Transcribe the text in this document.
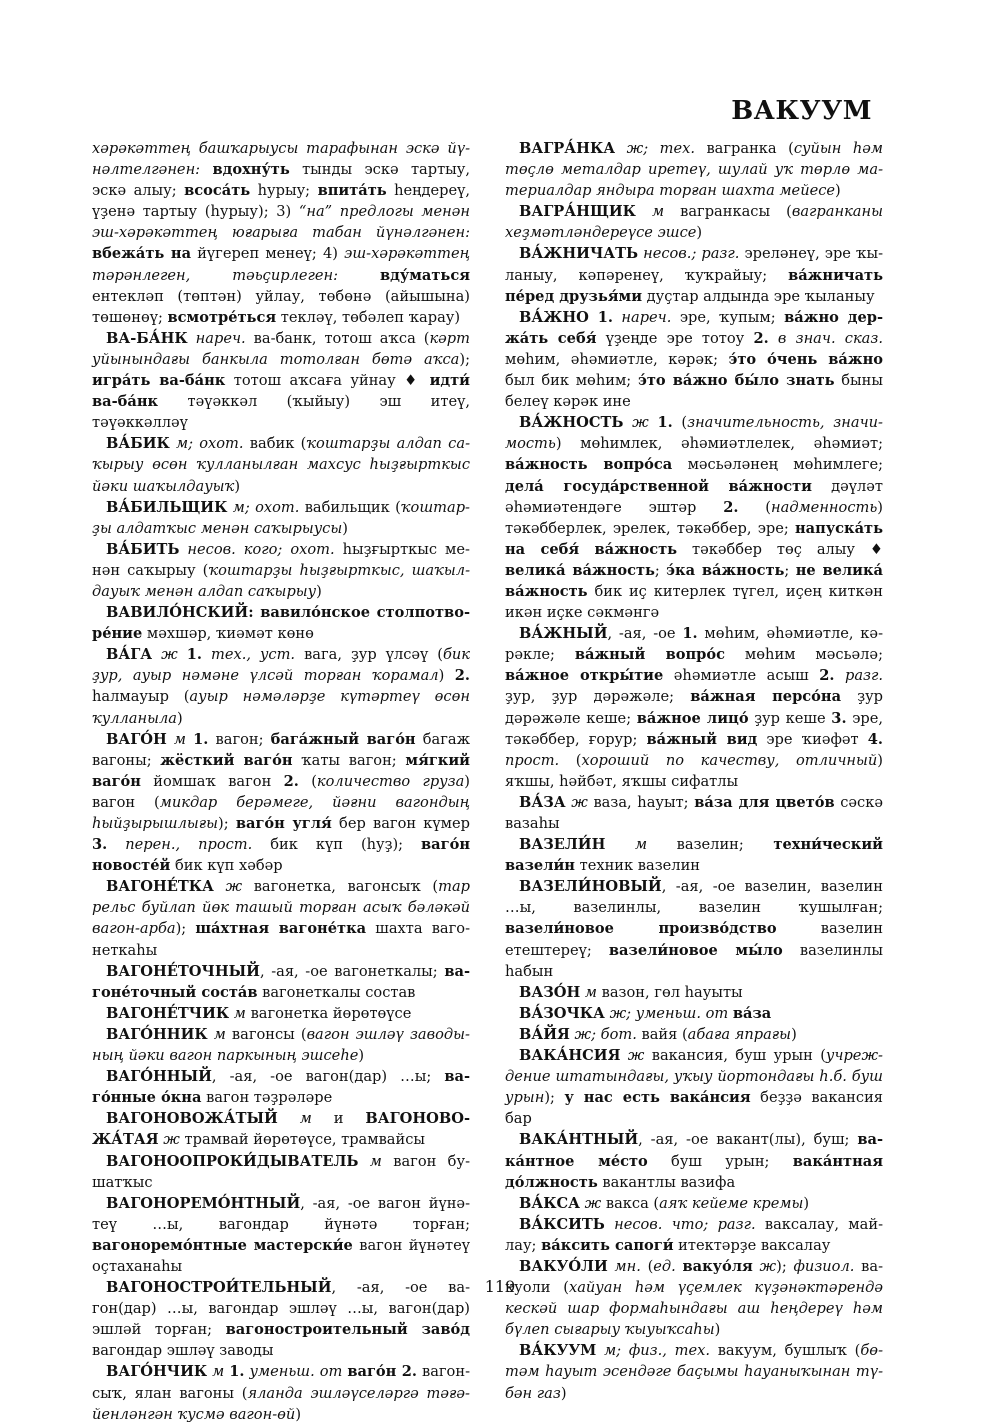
ВАКУУМ

хәрәкәттең башҡарыусы тарафынан эскә йүнәлтелгәнен: вдохну́ть тынды эскә тартыу, эскә алыу; всоса́ть һурыу; впита́ть һеңдереү, үҙенә тартыу (һурыу); 3) “на” предлогы менән эш-хәрәкәттең юғарыға табан йүнәлгәнен: вбежа́ть на йүгереп менеү; 4) эш-хәрәкәттең тәрәнлеген, тәьҫирлеген: вду́маться ентекләп (төптән) уйлау, төбөнә (айышына) төшөнөү; всмотре́ться текләү, төбәлеп ҡарау)

ВА-БА́НК нареч. ва-банк, тотош аҡса (кәрт уйынындағы банкыла тотолған бөтә аҡса); игра́ть ва-ба́нк тотош аҡсаға уйнау ♦ идти́ ва-ба́нк тәүәккәл (ҡыйыу) эш итеү, тәүәккәлләү

ВА́БИК м; охот. вабик (ҡоштарҙы алдап саҡырыу өсөн ҡулланылған махсус һыҙғырткыс йәки шаҡылдауыҡ)

ВА́БИЛЬЩИК м; охот. вабильщик (ҡоштарҙы алдатҡыс менән саҡырыусы)

ВА́БИТЬ несов. кого; охот. һыҙғырткыс менән саҡырыу (ҡоштарҙы һыҙғырткыс, шаҡылдауыҡ менән алдап саҡырыу)

ВАВИЛО́НСКИЙ: вавило́нское столпотворе́ние мәхшәр, ҡиәмәт көнө

ВА́ГА ж 1. тех., уст. вага, ҙур үлсәү (бик ҙур, ауыр нәмәне үлсәй торған ҡорамал) 2. һалмауыр (ауыр нәмәләрҙе күтәртеү өсөн ҡулланыла)

ВАГО́Н м 1. вагон; бага́жный ваго́н багаж вагоны; жёсткий ваго́н ҡаты вагон; мя́гкий ваго́н йомшаҡ вагон 2. (количество груза) вагон (микдар берәмеге, йәғни вагондың һыйҙырышлығы); ваго́н угля́ бер вагон күмер 3. перен., прост. бик күп (һуҙ); ваго́н новосте́й бик күп хәбәр

ВАГОНЕ́ТКА ж вагонетка, вагонсыҡ (тар рельс буйлап йөк ташый торған асыҡ бәләкәй вагон-арба); ша́хтная вагоне́тка шахта вагонеткаһы

ВАГОНЕ́ТОЧНЫЙ, -ая, -ое вагонеткалы; вагоне́точный соста́в вагонеткалы состав

ВАГОНЕ́ТЧИК м вагонетка йөрөтөүсе

ВАГО́ННИК м вагонсы (вагон эшләү заводының йәки вагон паркының эшсеһе)

ВАГО́ННЫЙ, -ая, -ое вагон(дар) …ы; ваго́нные о́кна вагон тәҙрәләре

ВАГОНОВОЖА́ТЫЙ м и ВАГОНОВОЖА́ТАЯ ж трамвай йөрөтөүсе, трамвайсы

ВАГОНООПРОКИ́ДЫВАТЕЛЬ м вагон бушатҡыс

ВАГОНОРЕМО́НТНЫЙ, -ая, -ое вагон йүнәтеү …ы, вагондар йүнәтә торған; вагоноремо́нтные мастерски́е вагон йүнәтеү оҫтаханаһы

ВАГОНОСТРОИ́ТЕЛЬНЫЙ, -ая, -ое вагон(дар) …ы, вагондар эшләү …ы, вагон(дар) эшләй торған; вагоностроительный заво́д вагондар эшләү заводы

ВАГО́НЧИК м 1. уменьш. от ваго́н 2. вагонсыҡ, ялан вагоны (яланда эшләүселәргә тәғәйенләнгән ҡусмә вагон-өй)

ВАГРА́НКА ж; тех. вагранка (суйын һәм төҫлө металдар иретеү, шулай уҡ төрлө материалдар яндыра торған шахта мейесе)

ВАГРА́НЩИК м вагранкасы (вагранканы хеҙмәтләндереүсе эшсе)

ВА́ЖНИЧАТЬ несов.; разг. эреләнеү, эре ҡыланыу, кәпәренеү, ҡуҡрайыу; ва́жничать пе́ред друзья́ми дуҫтар алдында эре ҡыланыу

ВА́ЖНО 1. нареч. эре, ҡупым; ва́жно держа́ть себя́ үҙеңде эре тотоу 2. в знач. сказ. мөһим, әһәмиәтле, кәрәк; э́то о́чень ва́жно был бик мөһим; э́то ва́жно бы́ло знать быны белеү кәрәк ине

ВА́ЖНОСТЬ ж 1. (значительность, значимость) мөһимлек, әһәмиәтлелек, әһәмиәт; ва́жность вопро́са мәсьәләнең мөһимлеге; дела́ госуда́рственной ва́жности дәүләт әһәмиәтендәге эштәр 2. (надменность) тәкәбберлек, эрелек, тәкәббер, эре; напуска́ть на себя́ ва́жность тәкәббер төҫ алыу ♦ велика́ ва́жность; э́ка ва́жность; не велика́ ва́жность бик иҫ китерлек түгел, иҫең киткән икән иҫке сәкмәнгә

ВА́ЖНЫЙ, -ая, -ое 1. мөһим, әһәмиәтле, кәрәкле; ва́жный вопро́с мөһим мәсьәлә; ва́жное откры́тие әһәмиәтле асыш 2. разг. ҙур, ҙур дәрәжәле; ва́жная персо́на ҙур дәрәжәле кеше; ва́жное лицо́ ҙур кеше 3. эре, тәкәббер, ғорур; ва́жный вид эре ҡиәфәт 4. прост. (хороший по качеству, отличный) яҡшы, һәйбәт, яҡшы сифатлы

ВА́ЗА ж ваза, һауыт; ва́за для цвето́в сәскә вазаһы

ВАЗЕЛИ́Н м вазелин; техни́ческий вазели́н техник вазелин

ВАЗЕЛИ́НОВЫЙ, -ая, -ое вазелин, вазелин …ы, вазелинлы, вазелин ҡушылған; вазели́новое произво́дство вазелин етештереү; вазели́новое мы́ло вазелинлы һабын

ВАЗО́Н м вазон, гөл һауыты

ВА́ЗОЧКА ж; уменьш. от ва́за

ВА́ЙЯ ж; бот. вайя (абаға япрағы)

ВАКА́НСИЯ ж вакансия, буш урын (учреждение штатындағы, уҡыу йортондағы һ.б. буш урын); у нас есть вака́нсия беҙҙә вакансия бар

ВАКА́НТНЫЙ, -ая, -ое вакант(лы), буш; вака́нтное ме́сто буш урын; вака́нтная до́лжность вакантлы вазифа

ВА́КСА ж вакса (аяҡ кейеме кремы)

ВА́КСИТЬ несов. что; разг. ваксалау, майлау; ва́ксить сапоги́ итектәрҙе ваксалау

ВАКУО́ЛИ мн. (ед. вакуо́ля ж); физиол. вакуоли (хайуан һәм үҫемлек күҙәнәктәрендә кескәй шар формаһындағы аш һеңдереү һәм бүлеп сығарыу ҡыуыҡсаһы)

ВА́КУУМ м; физ., тех. вакуум, бушлыҡ (бөтәм һауыт эсендәге баҫымы һауаныҡынан түбән газ)

119
